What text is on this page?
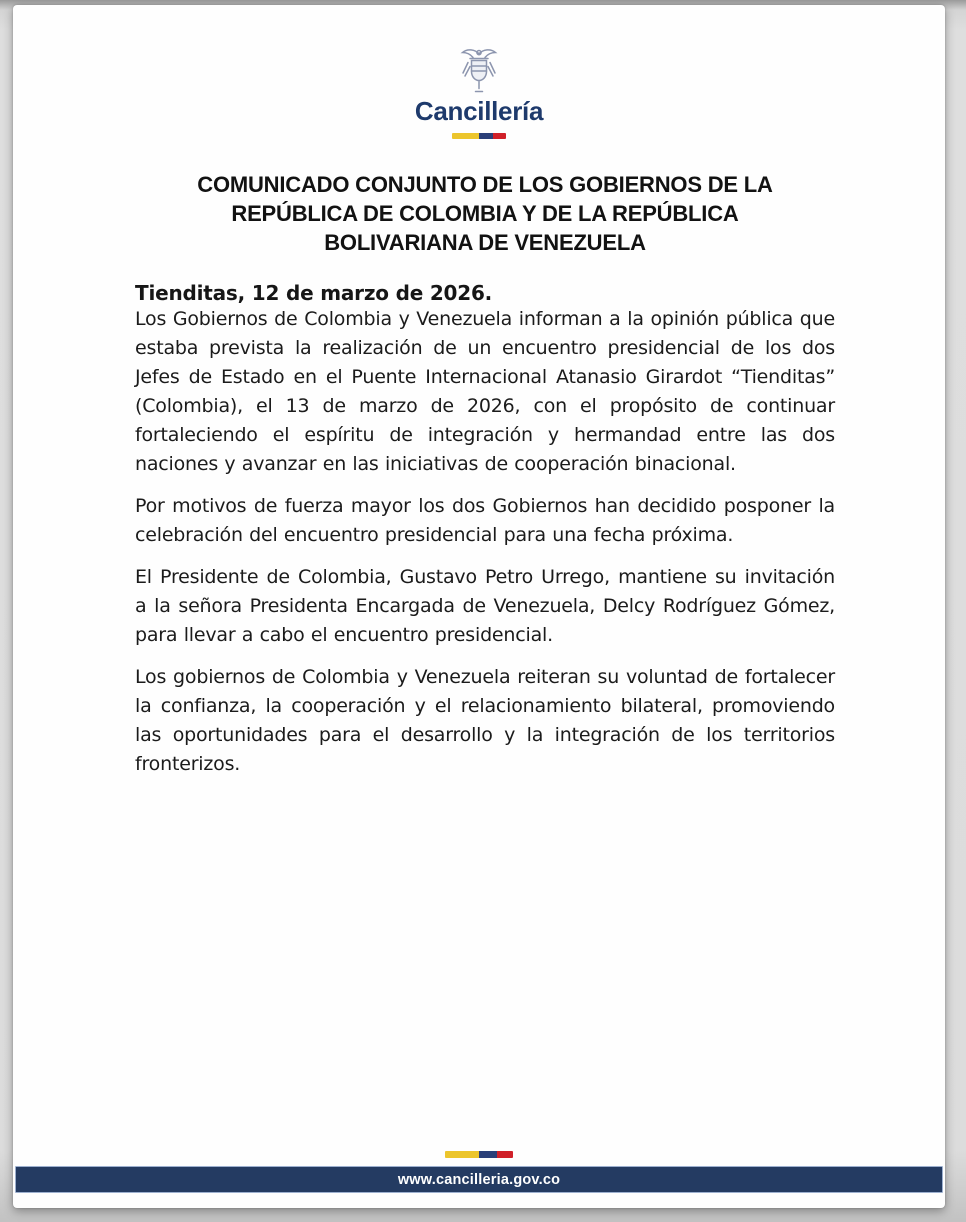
Cancillería
COMUNICADO CONJUNTO DE LOS GOBIERNOS DE LA
REPÚBLICA DE COLOMBIA Y DE LA REPÚBLICA
BOLIVARIANA DE VENEZUELA

Tienditas, 12 de marzo de 2026.

Los Gobiernos de Colombia y Venezuela informan a la opinión pública que estaba prevista la realización de un encuentro presidencial de los dos Jefes de Estado en el Puente Internacional Atanasio Girardot “Tienditas” (Colombia), el 13 de marzo de 2026, con el propósito de continuar fortaleciendo el espíritu de integración y hermandad entre las dos naciones y avanzar en las iniciativas de cooperación binacional.

Por motivos de fuerza mayor los dos Gobiernos han decidido posponer la celebración del encuentro presidencial para una fecha próxima.

El Presidente de Colombia, Gustavo Petro Urrego, mantiene su invitación a la señora Presidenta Encargada de Venezuela, Delcy Rodríguez Gómez, para llevar a cabo el encuentro presidencial.

Los gobiernos de Colombia y Venezuela reiteran su voluntad de fortalecer la confianza, la cooperación y el relacionamiento bilateral, promoviendo las oportunidades para el desarrollo y la integración de los territorios fronterizos.

www.cancilleria.gov.co
